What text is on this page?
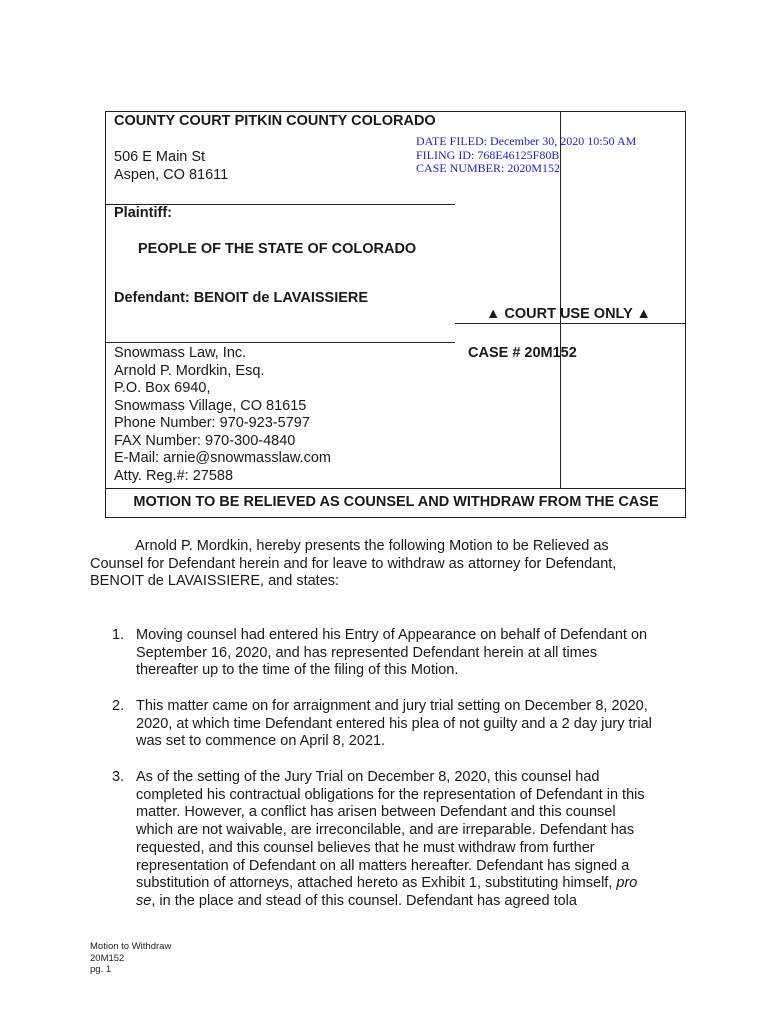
COUNTY COURT PITKIN COUNTY COLORADO
506 E Main St
Aspen, CO 81611
DATE FILED: December 30, 2020 10:50 AM
FILING ID: 768E46125F80B
CASE NUMBER: 2020M152
Plaintiff:
PEOPLE OF THE STATE OF COLORADO
Defendant: BENOIT de LAVAISSIERE
▲ COURT USE ONLY ▲
CASE # 20M152
Snowmass Law, Inc.
Arnold P. Mordkin, Esq.
P.O. Box 6940,
Snowmass Village, CO 81615
Phone Number: 970-923-5797
FAX Number: 970-300-4840
E-Mail: arnie@snowmasslaw.com
Atty. Reg.#: 27588
MOTION TO BE RELIEVED AS COUNSEL AND WITHDRAW FROM THE CASE
Arnold P. Mordkin, hereby presents the following Motion to be Relieved as
Counsel for Defendant herein and for leave to withdraw as attorney for Defendant,
BENOIT de LAVAISSIERE, and states:
1. Moving counsel had entered his Entry of Appearance on behalf of Defendant on
September 16, 2020, and has represented Defendant herein at all times
thereafter up to the time of the filing of this Motion.
2. This matter came on for arraignment and jury trial setting on December 8, 2020,
2020, at which time Defendant entered his plea of not guilty and a 2 day jury trial
was set to commence on April 8, 2021.
3. As of the setting of the Jury Trial on December 8, 2020, this counsel had
completed his contractual obligations for the representation of Defendant in this
matter. However, a conflict has arisen between Defendant and this counsel
which are not waivable, are irreconcilable, and are irreparable. Defendant has
requested, and this counsel believes that he must withdraw from further
representation of Defendant on all matters hereafter. Defendant has signed a
substitution of attorneys, attached hereto as Exhibit 1, substituting himself, pro
se, in the place and stead of this counsel. Defendant has agreed tola
Motion to Withdraw
20M152
pg. 1
